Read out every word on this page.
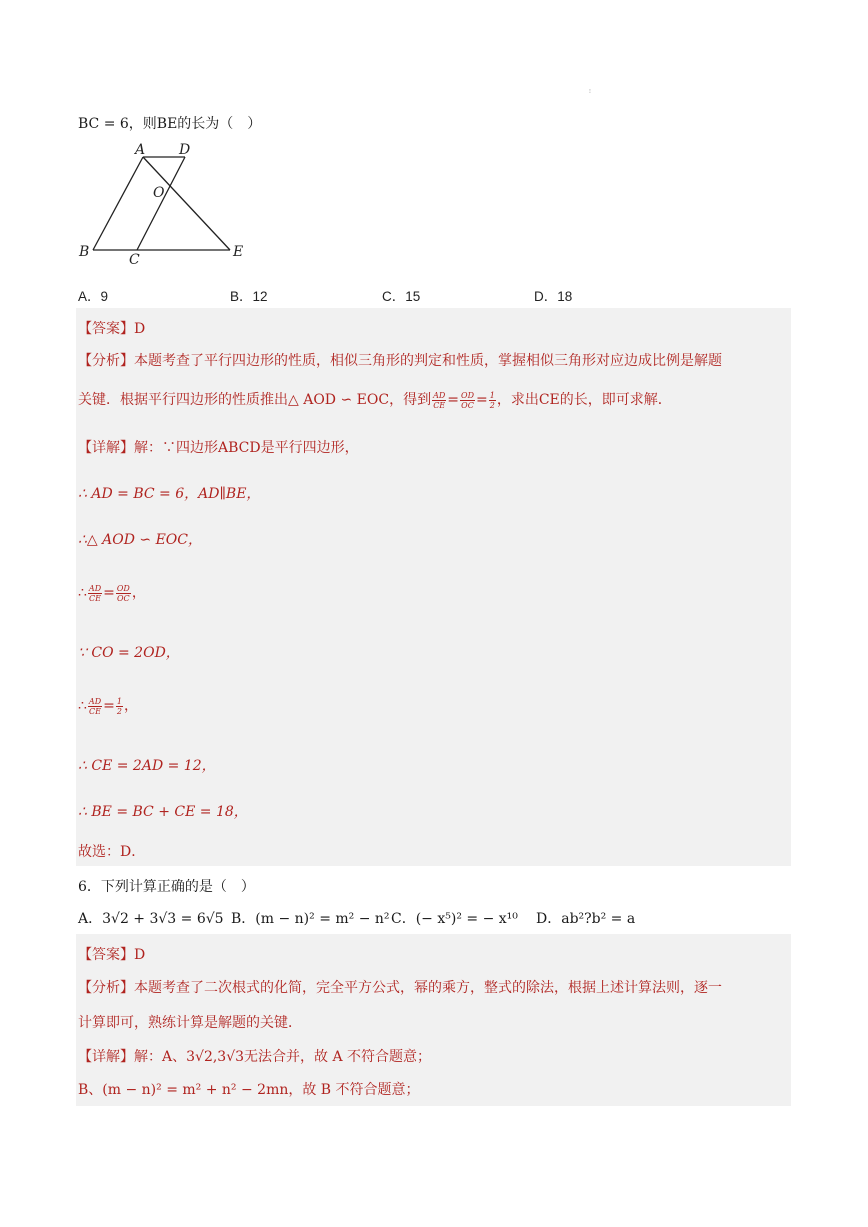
⁝
BC = 6，则BE的长为（　）
A D
O
B	C	E
A．9	B．12	C．15	D．18
【答案】D
【分析】本题考查了平行四边形的性质，相似三角形的判定和性质，掌握相似三角形对应边成比例是解题
关键．根据平行四边形的性质推出△ AOD ∽ EOC，得到 $\frac{AD}{CE} = \frac{OD}{OC} = \frac{1}{2}$ ，求出CE的长，即可求解．
【详解】解：∵四边形ABCD是平行四边形，
∴ AD = BC = 6，AD∥BE，
∴△ AOD ∽ EOC，
∴ $\frac{AD}{CE} = \frac{OD}{OC}$ ，
∵ CO = 2OD，
∴ $\frac{AD}{CE} = \frac{1}{2}$ ，
∴ CE = 2AD = 12，
∴ BE = BC + CE = 18，
故选：D．
6．下列计算正确的是（　）
A．3√2 + 3√3 = 6√5 B．(m − n)² = m² − n² C．(− x⁵)² = − x¹⁰ D．ab²?b² = a
【答案】D
【分析】本题考查了二次根式的化简，完全平方公式，幂的乘方，整式的除法，根据上述计算法则，逐一
计算即可，熟练计算是解题的关键．
【详解】解：A、3√2,3√3无法合并，故 A 不符合题意；
B、(m − n)² = m² + n² − 2mn，故 B 不符合题意；
